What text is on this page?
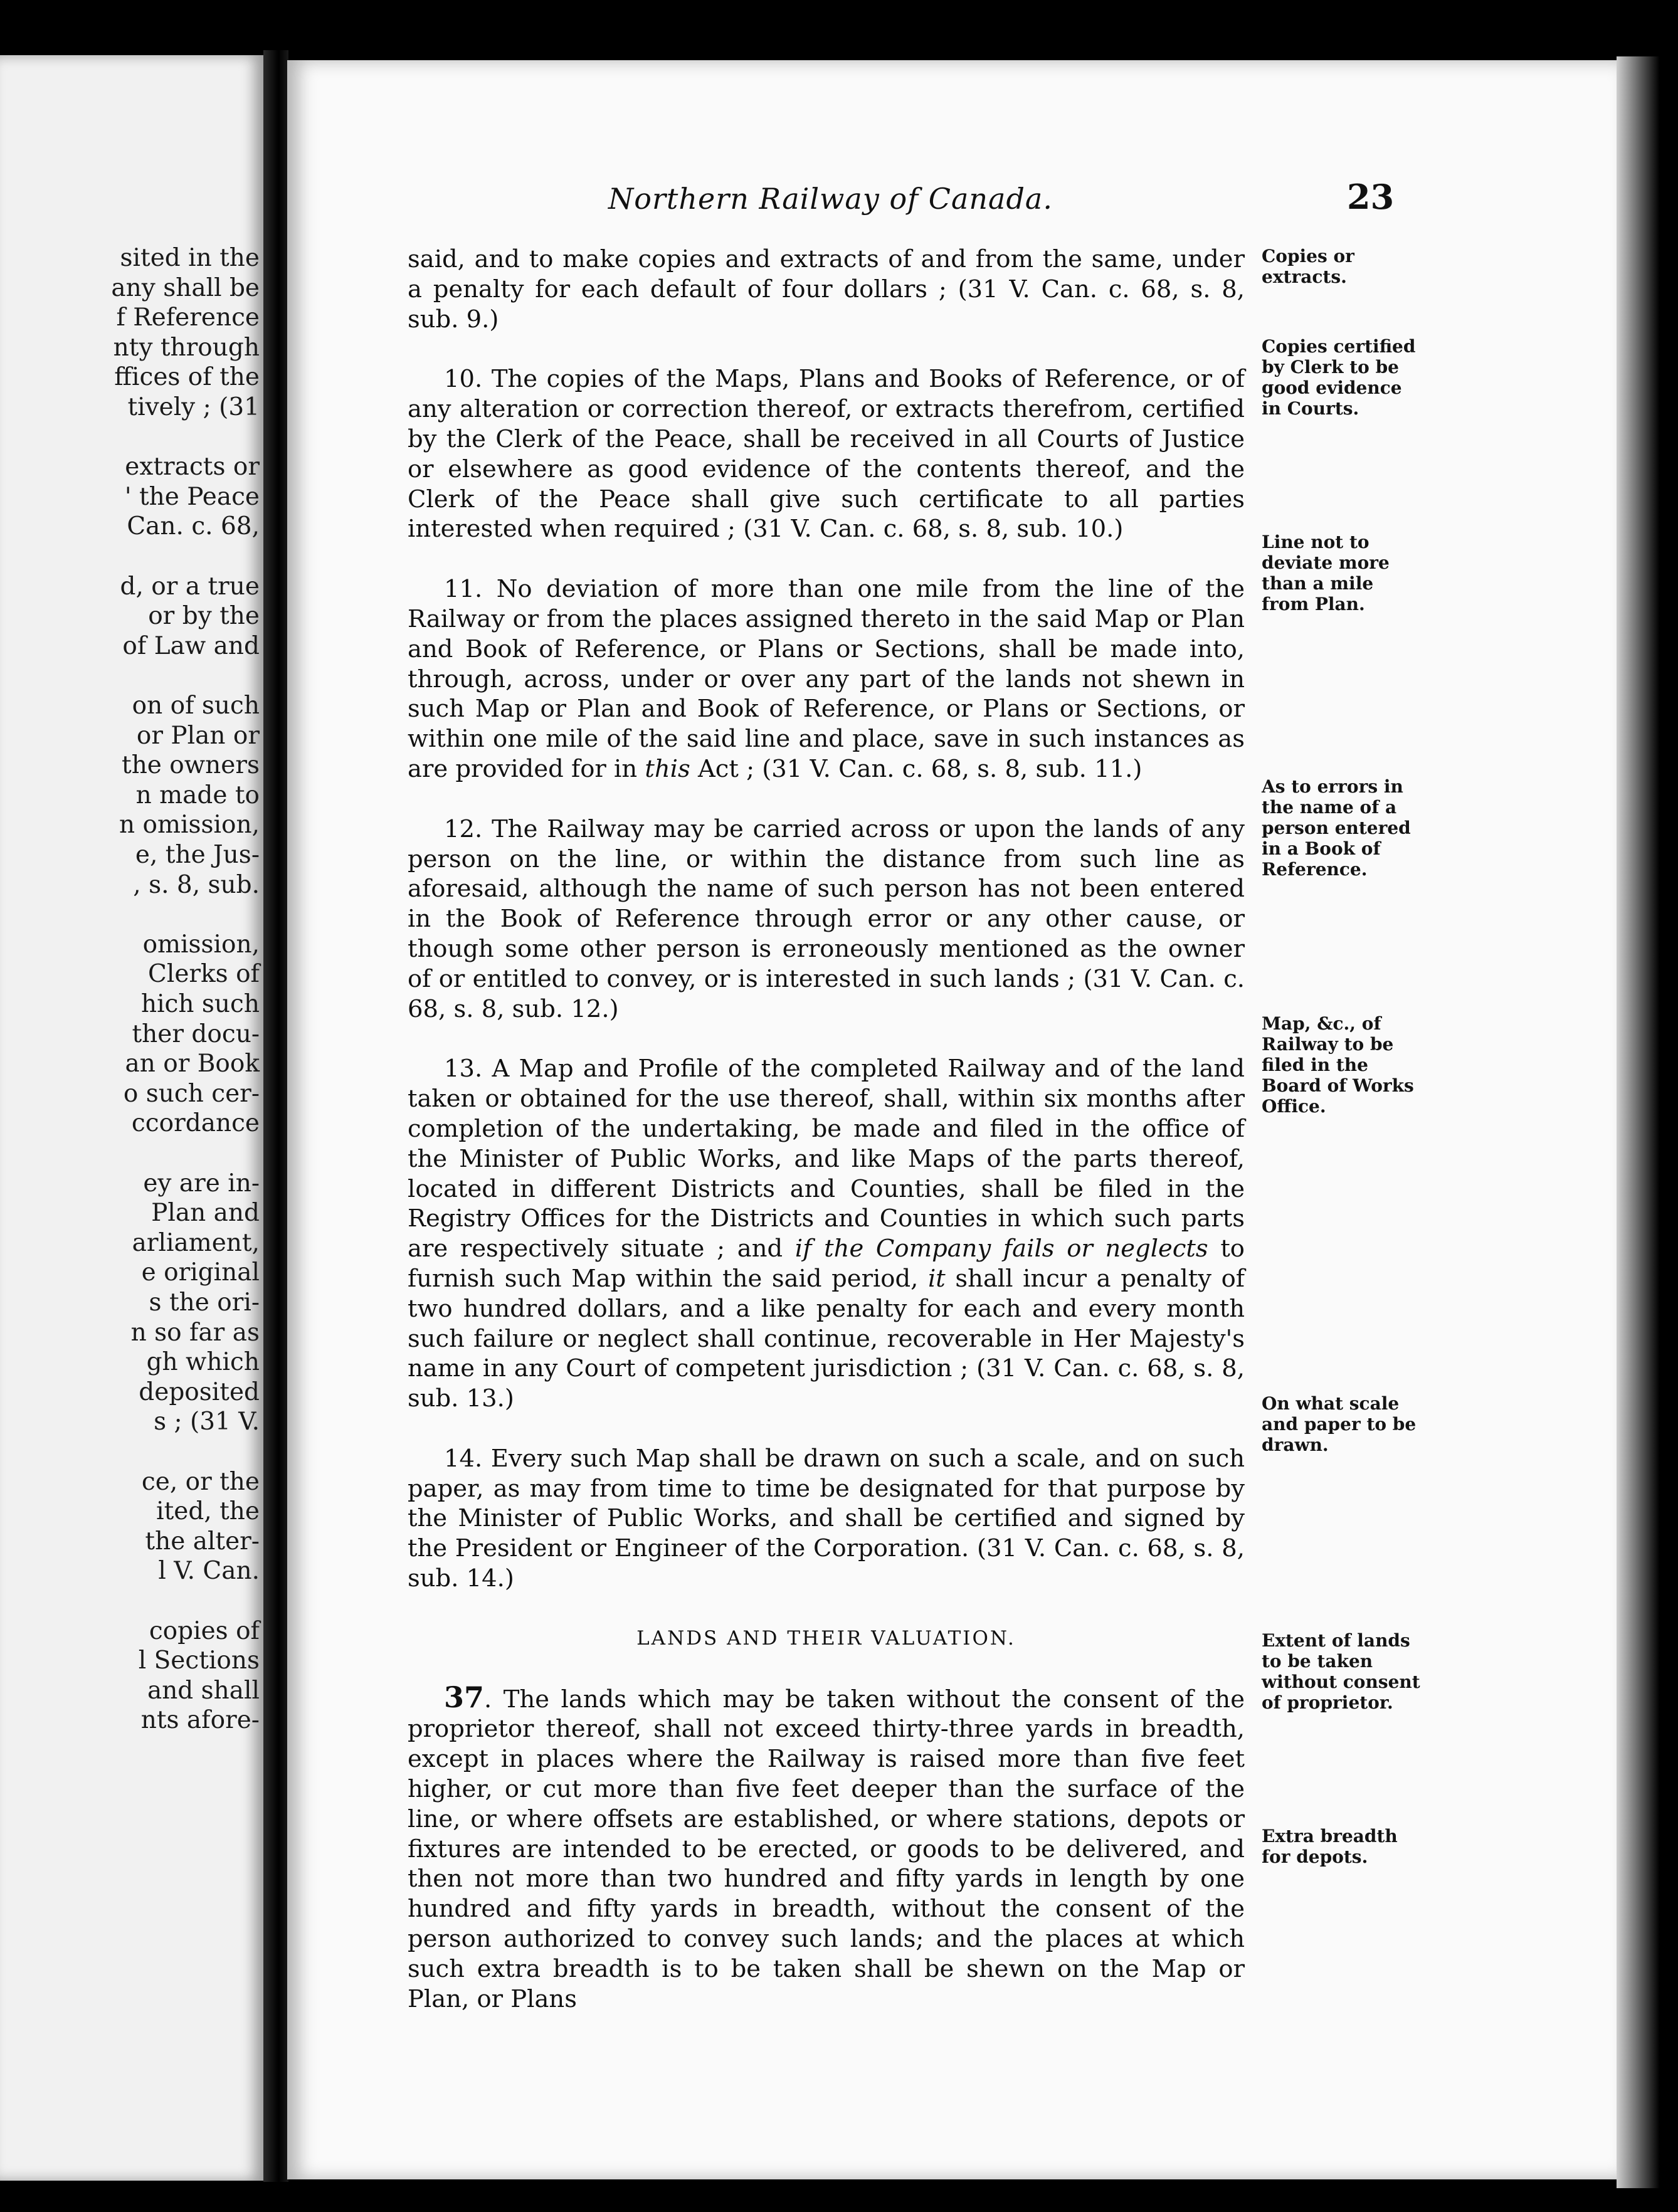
sited in the
any shall be
f Reference
nty through
ffices of the
tively ; (31
extracts or
' the Peace
Can. c. 68,
d, or a true
or by the
of Law and
on of such
or Plan or
the owners
n made to
n omission,
e, the Jus-
, s. 8, sub.
omission,
Clerks of
hich such
ther docu-
an or Book
o such cer-
ccordance
ey are in-
Plan and
arliament,
e original
s the ori-
n so far as
gh which
deposited
s ; (31 V.
ce, or the
ited, the
the alter-
l V. Can.
copies of
l Sections
and shall
nts afore-
Northern Railway of Canada.	23

said, and to make copies and extracts of and from the same, under a penalty for each default of four dollars ; (31 V. Can. c. 68, s. 8, sub. 9.)

10. The copies of the Maps, Plans and Books of Reference, or of any alteration or correction thereof, or extracts therefrom, certified by the Clerk of the Peace, shall be received in all Courts of Justice or elsewhere as good evidence of the contents thereof, and the Clerk of the Peace shall give such certificate to all parties interested when required ; (31 V. Can. c. 68, s. 8, sub. 10.)

11. No deviation of more than one mile from the line of the Railway or from the places assigned thereto in the said Map or Plan and Book of Reference, or Plans or Sections, shall be made into, through, across, under or over any part of the lands not shewn in such Map or Plan and Book of Reference, or Plans or Sections, or within one mile of the said line and place, save in such instances as are provided for in this Act ; (31 V. Can. c. 68, s. 8, sub. 11.)

12. The Railway may be carried across or upon the lands of any person on the line, or within the distance from such line as aforesaid, although the name of such person has not been entered in the Book of Reference through error or any other cause, or though some other person is erroneously mentioned as the owner of or entitled to convey, or is interested in such lands ; (31 V. Can. c. 68, s. 8, sub. 12.)

13. A Map and Profile of the completed Railway and of the land taken or obtained for the use thereof, shall, within six months after completion of the undertaking, be made and filed in the office of the Minister of Public Works, and like Maps of the parts thereof, located in different Districts and Counties, shall be filed in the Registry Offices for the Districts and Counties in which such parts are respectively situate ; and if the Company fails or neglects to furnish such Map within the said period, it shall incur a penalty of two hundred dollars, and a like penalty for each and every month such failure or neglect shall continue, recoverable in Her Majesty's name in any Court of competent jurisdiction ; (31 V. Can. c. 68, s. 8, sub. 13.)

14. Every such Map shall be drawn on such a scale, and on such paper, as may from time to time be designated for that purpose by the Minister of Public Works, and shall be certified and signed by the President or Engineer of the Corporation. (31 V. Can. c. 68, s. 8, sub. 14.)

LANDS AND THEIR VALUATION.

37. The lands which may be taken without the consent of the proprietor thereof, shall not exceed thirty-three yards in breadth, except in places where the Railway is raised more than five feet higher, or cut more than five feet deeper than the surface of the line, or where offsets are established, or where stations, depots or fixtures are intended to be erected, or goods to be delivered, and then not more than two hundred and fifty yards in length by one hundred and fifty yards in breadth, without the consent of the person authorized to convey such lands; and the places at which such extra breadth is to be taken shall be shewn on the Map or Plan, or Plans

Copies or extracts.
Copies certified by Clerk to be good evidence in Courts.
Line not to deviate more than a mile from Plan.
As to errors in the name of a person entered in a Book of Reference.
Map, &c., of Railway to be filed in the Board of Works Office.
On what scale and paper to be drawn.
Extent of lands to be taken without consent of proprietor.
Extra breadth for depots.
